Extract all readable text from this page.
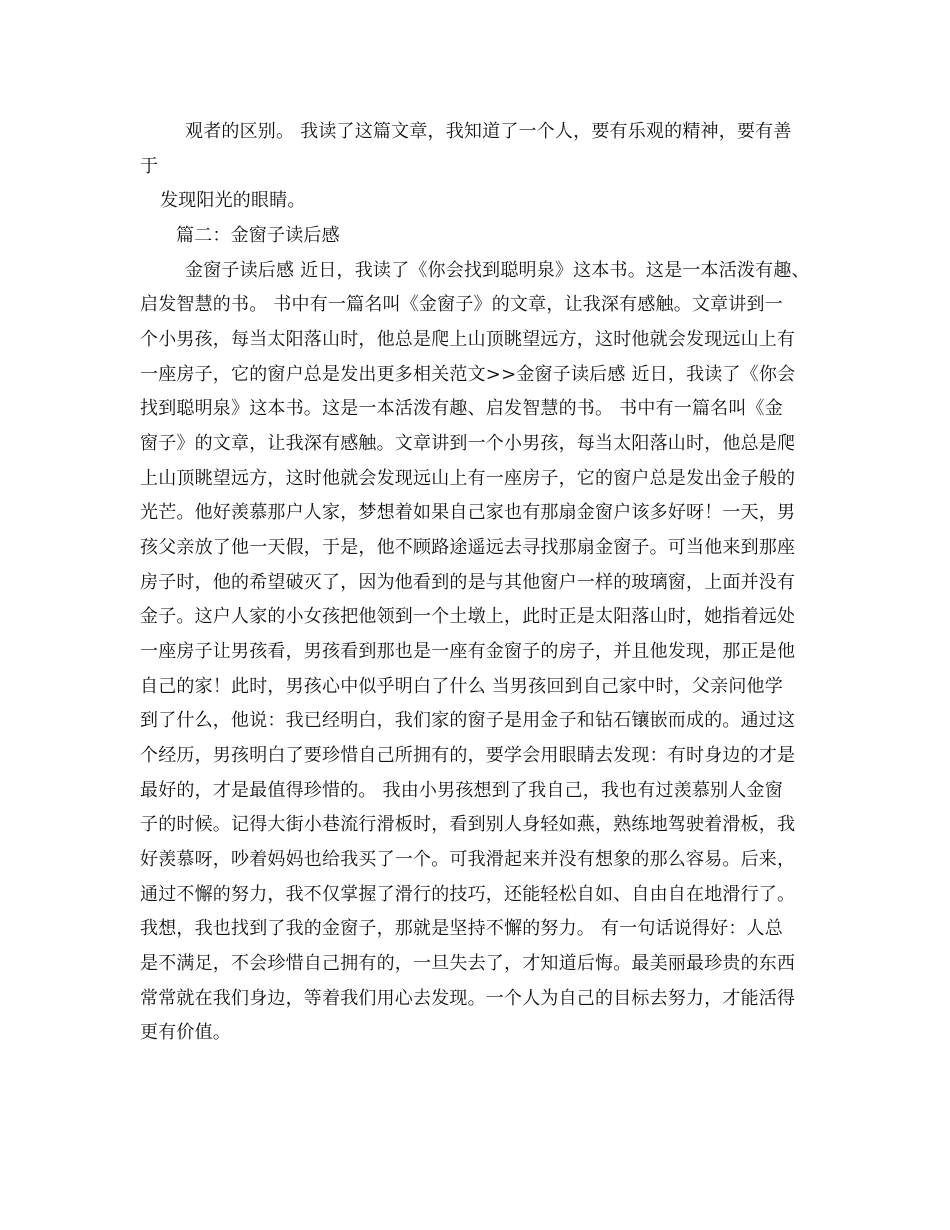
观者的区别。 我读了这篇文章，我知道了一个人，要有乐观的精神，要有善
于
发现阳光的眼睛。
篇二：金窗子读后感
金窗子读后感 近日，我读了《你会找到聪明泉》这本书。这是一本活泼有趣、
启发智慧的书。 书中有一篇名叫《金窗子》的文章，让我深有感触。文章讲到一
个小男孩，每当太阳落山时，他总是爬上山顶眺望远方，这时他就会发现远山上有
一座房子，它的窗户总是发出更多相关范文>>金窗子读后感 近日，我读了《你会
找到聪明泉》这本书。这是一本活泼有趣、启发智慧的书。 书中有一篇名叫《金
窗子》的文章，让我深有感触。文章讲到一个小男孩，每当太阳落山时，他总是爬
上山顶眺望远方，这时他就会发现远山上有一座房子，它的窗户总是发出金子般的
光芒。他好羡慕那户人家，梦想着如果自己家也有那扇金窗户该多好呀！一天，男
孩父亲放了他一天假，于是，他不顾路途遥远去寻找那扇金窗子。可当他来到那座
房子时，他的希望破灭了，因为他看到的是与其他窗户一样的玻璃窗，上面并没有
金子。这户人家的小女孩把他领到一个土墩上，此时正是太阳落山时，她指着远处
一座房子让男孩看，男孩看到那也是一座有金窗子的房子，并且他发现，那正是他
自己的家！此时，男孩心中似乎明白了什么 当男孩回到自己家中时，父亲问他学
到了什么，他说：我已经明白，我们家的窗子是用金子和钻石镶嵌而成的。通过这
个经历，男孩明白了要珍惜自己所拥有的，要学会用眼睛去发现：有时身边的才是
最好的，才是最值得珍惜的。 我由小男孩想到了我自己，我也有过羡慕别人金窗
子的时候。记得大街小巷流行滑板时，看到别人身轻如燕，熟练地驾驶着滑板，我
好羡慕呀，吵着妈妈也给我买了一个。可我滑起来并没有想象的那么容易。后来，
通过不懈的努力，我不仅掌握了滑行的技巧，还能轻松自如、自由自在地滑行了。
我想，我也找到了我的金窗子，那就是坚持不懈的努力。 有一句话说得好：人总
是不满足，不会珍惜自己拥有的，一旦失去了，才知道后悔。最美丽最珍贵的东西
常常就在我们身边，等着我们用心去发现。一个人为自己的目标去努力，才能活得
更有价值。
